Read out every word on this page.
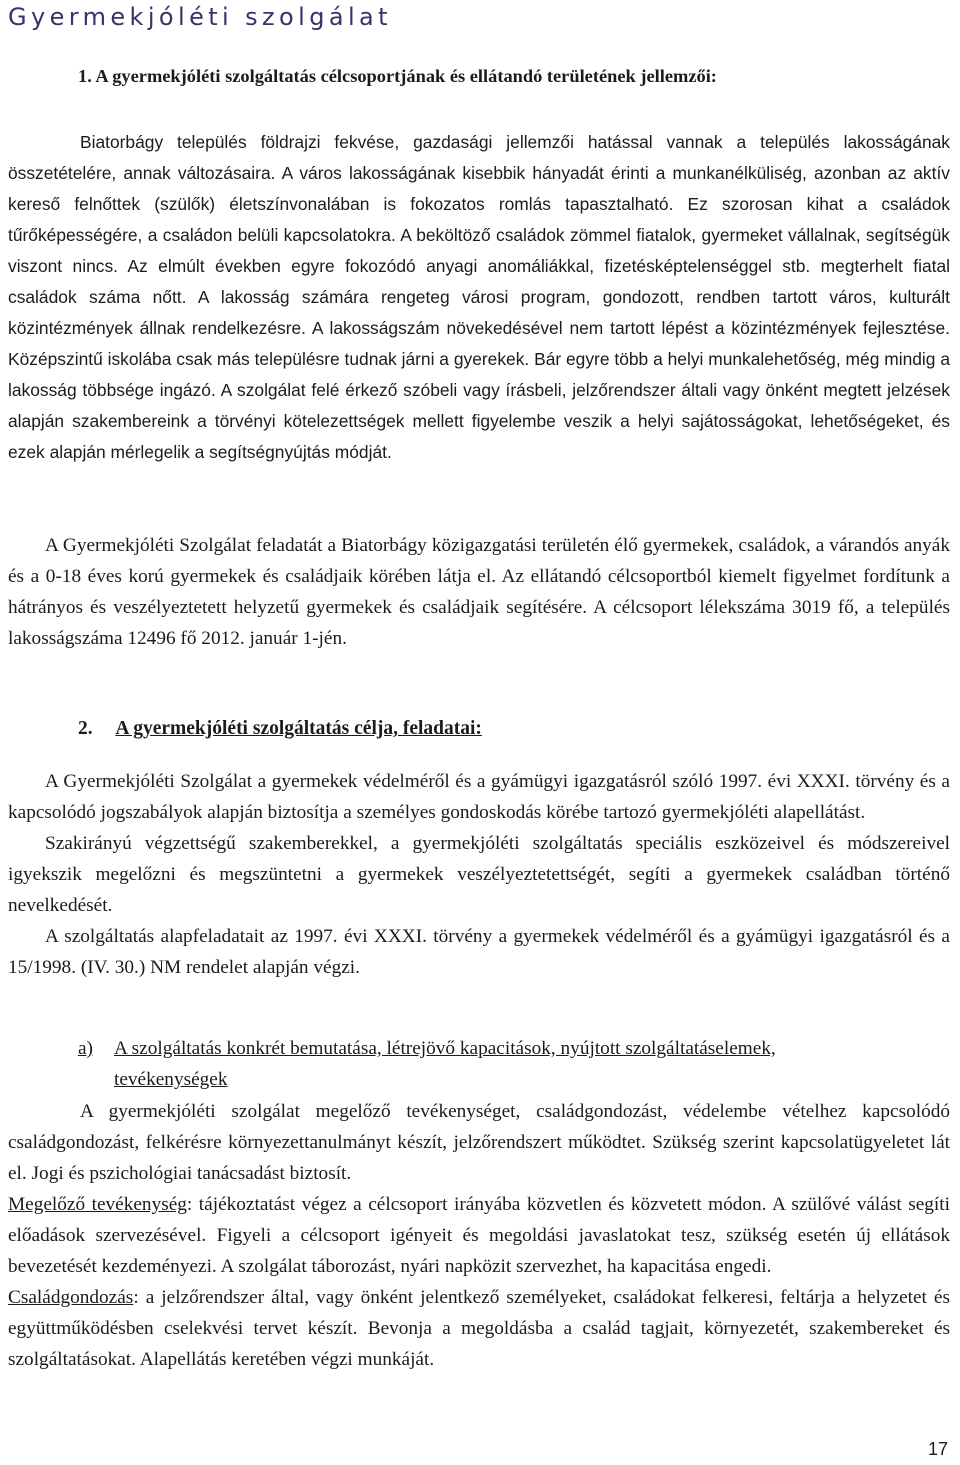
Gyermekjóléti szolgálat
1. A gyermekjóléti szolgáltatás célcsoportjának és ellátandó területének jellemzői:

Biatorbágy település földrajzi fekvése, gazdasági jellemzői hatással vannak a település lakosságának összetételére, annak változásaira. A város lakosságának kisebbik hányadát érinti a munkanélküliség, azonban az aktív kereső felnőttek (szülők) életszínvonalában is fokozatos romlás tapasztalható. Ez szorosan kihat a családok tűrőképességére, a családon belüli kapcsolatokra. A beköltöző családok zömmel fiatalok, gyermeket vállalnak, segítségük viszont nincs. Az elmúlt években egyre fokozódó anyagi anomáliákkal, fizetésképtelenséggel stb. megterhelt fiatal családok száma nőtt. A lakosság számára rengeteg városi program, gondozott, rendben tartott város, kulturált közintézmények állnak rendelkezésre. A lakosságszám növekedésével nem tartott lépést a közintézmények fejlesztése. Középszintű iskolába csak más településre tudnak járni a gyerekek. Bár egyre több a helyi munkalehetőség, még mindig a lakosság többsége ingázó. A szolgálat felé érkező szóbeli vagy írásbeli, jelzőrendszer általi vagy önként megtett jelzések alapján szakembereink a törvényi kötelezettségek mellett figyelembe veszik a helyi sajátosságokat, lehetőségeket, és ezek alapján mérlegelik a segítségnyújtás módját.

A Gyermekjóléti Szolgálat feladatát a Biatorbágy közigazgatási területén élő gyermekek, családok, a várandós anyák és a 0-18 éves korú gyermekek és családjaik körében látja el. Az ellátandó célcsoportból kiemelt figyelmet fordítunk a hátrányos és veszélyeztetett helyzetű gyermekek és családjaik segítésére. A célcsoport lélekszáma 3019 fő, a település lakosságszáma 12496 fő 2012. január 1-jén.

2. A gyermekjóléti szolgáltatás célja, feladatai:

A Gyermekjóléti Szolgálat a gyermekek védelméről és a gyámügyi igazgatásról szóló 1997. évi XXXI. törvény és a kapcsolódó jogszabályok alapján biztosítja a személyes gondoskodás körébe tartozó gyermekjóléti alapellátást.

Szakirányú végzettségű szakemberekkel, a gyermekjóléti szolgáltatás speciális eszközeivel és módszereivel igyekszik megelőzni és megszüntetni a gyermekek veszélyeztetettségét, segíti a gyermekek családban történő nevelkedését.

A szolgáltatás alapfeladatait az 1997. évi XXXI. törvény a gyermekek védelméről és a gyámügyi igazgatásról és a 15/1998. (IV. 30.) NM rendelet alapján végzi.

a) A szolgáltatás konkrét bemutatása, létrejövő kapacitások, nyújtott szolgáltatáselemek,
tevékenységek

A gyermekjóléti szolgálat megelőző tevékenységet, családgondozást, védelembe vételhez kapcsolódó családgondozást, felkérésre környezettanulmányt készít, jelzőrendszert működtet. Szükség szerint kapcsolatügyeletet lát el. Jogi és pszichológiai tanácsadást biztosít.

Megelőző tevékenység: tájékoztatást végez a célcsoport irányába közvetlen és közvetett módon. A szülővé válást segíti előadások szervezésével. Figyeli a célcsoport igényeit és megoldási javaslatokat tesz, szükség esetén új ellátások bevezetését kezdeményezi. A szolgálat táborozást, nyári napközit szervezhet, ha kapacitása engedi.

Családgondozás: a jelzőrendszer által, vagy önként jelentkező személyeket, családokat felkeresi, feltárja a helyzetet és együttműködésben cselekvési tervet készít. Bevonja a megoldásba a család tagjait, környezetét, szakembereket és szolgáltatásokat. Alapellátás keretében végzi munkáját.

17
